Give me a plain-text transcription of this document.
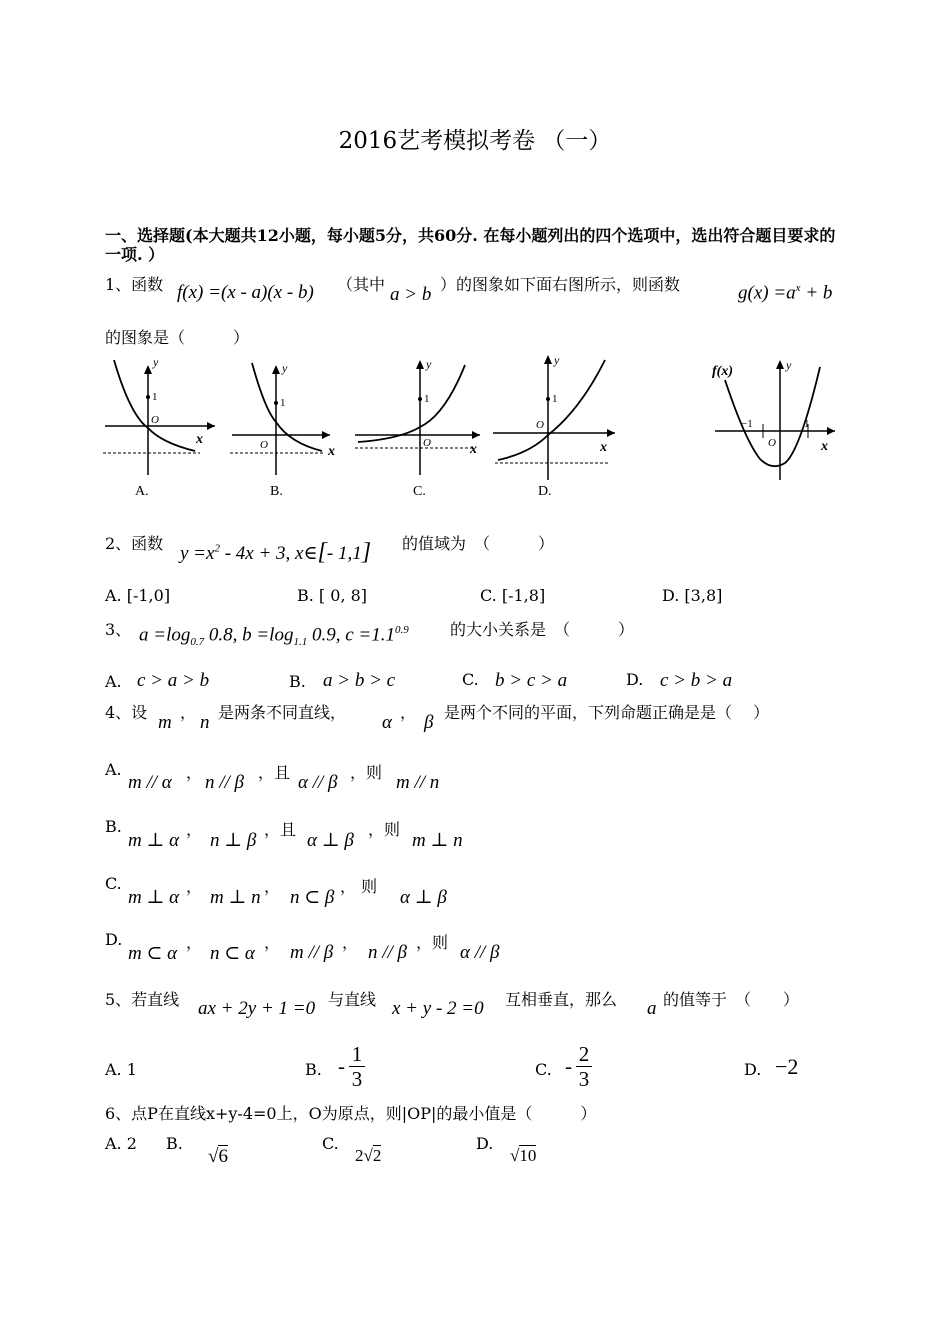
2016艺考模拟考卷 （一）
一、选择题(本大题共12小题，每小题5分，共60分. 在每小题列出的四个选项中，选出符合题目要求的一项. ）
1、函数 f(x) =(x - a)(x - b) （其中 a > b ）的图象如下面右图所示，则函数	$g(x) =a^x + b$
的图象是（　　　）
1
O
y
x
1
O
y
x
1
O
y
x
1
O
y
x
−1
O
1
y
x
f(x)
A.	B.	C.	D.
2、函数 $y =x^2 - 4x + 3$, x∈[- 1,1] 的值域为　（　　　）
A. [-1,0]	B. [ 0, 8]	C. [-1,8]	D. [3,8]
3、 $a =\log_{0.7}$ 0.8, $b =\log_{1.1}$ 0.9, $c =1.1^{0.9}$	的大小关系是　（　　　）
A. c > a > b	B. a > b > c	C. b > c > a	D. c > b > a
4、设 m ， n 是两条不同直线， α ， β 是两个不同的平面，下列命题正确是是（　 ）
A.
m // α ， n // β ，且 α // β ，则 m // n
B.
m ⊥ α
，
n ⊥ β
，且
α ⊥ β
，则
m ⊥ n
C.
m ⊥ α
，
m ⊥ n
，
n ⊂ β
， 则
α ⊥ β
D.
m ⊂ α
，
n ⊂ α
， m // β ， n // β ，则 α // β
5、若直线 ax + 2y + 1 =0 与直线 x + y - 2 =0 互相垂直，那么 a 的值等于　（　　）
A. 1	B. - $\frac{1}{3}$	C. - $\frac{2}{3}$	D. −2
6、点P在直线x+y-4=0上，O为原点，则|OP|的最小值是（　　　）
A. 2 B.
√6
C.
2√2
D.
√10
